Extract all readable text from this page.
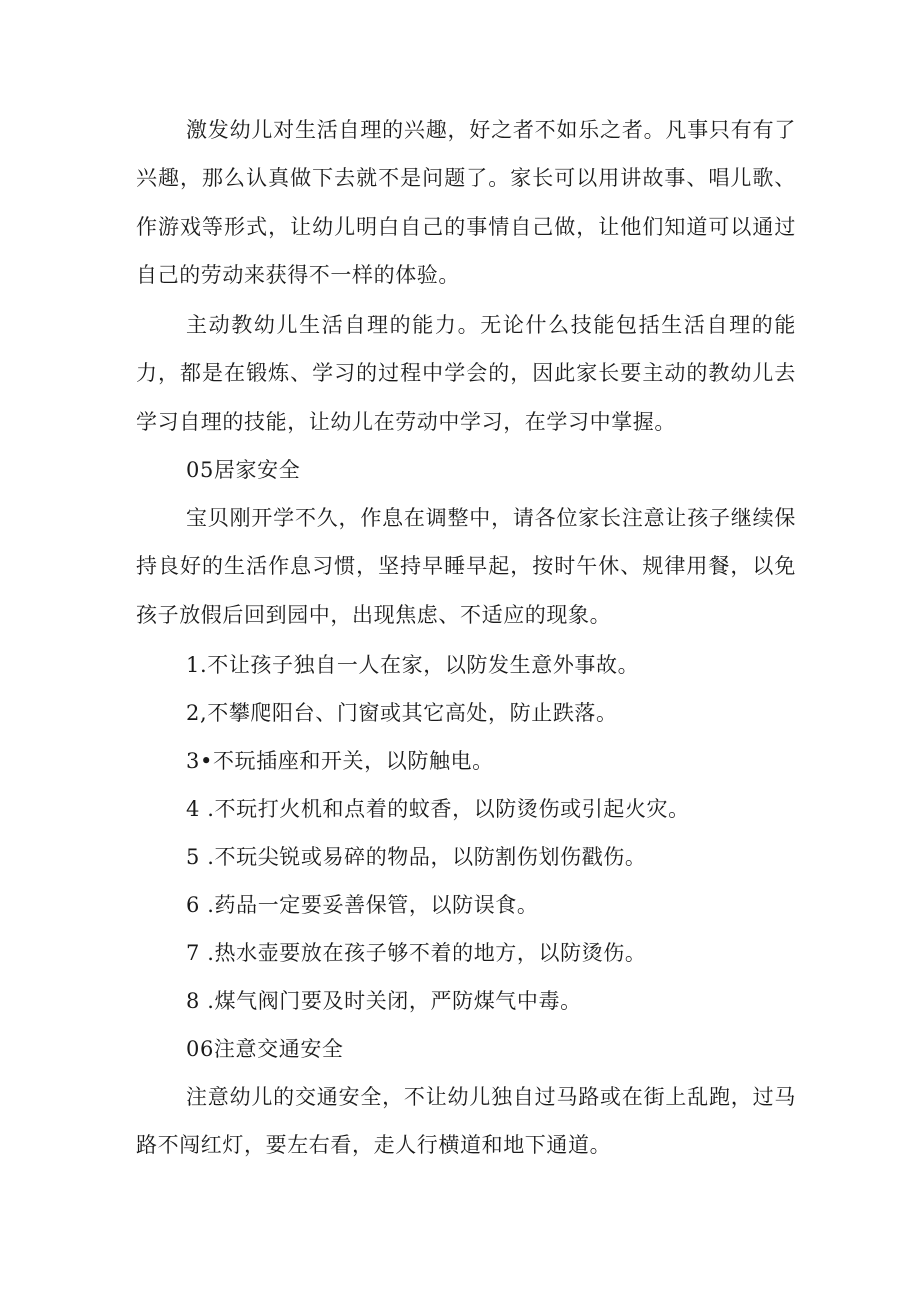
激发幼儿对生活自理的兴趣，好之者不如乐之者。凡事只有有了兴趣，那么认真做下去就不是问题了。家长可以用讲故事、唱儿歌、作游戏等形式，让幼儿明白自己的事情自己做，让他们知道可以通过自己的劳动来获得不一样的体验。

主动教幼儿生活自理的能力。无论什么技能包括生活自理的能力，都是在锻炼、学习的过程中学会的，因此家长要主动的教幼儿去学习自理的技能，让幼儿在劳动中学习，在学习中掌握。

05居家安全

宝贝刚开学不久，作息在调整中，请各位家长注意让孩子继续保持良好的生活作息习惯，坚持早睡早起，按时午休、规律用餐，以免孩子放假后回到园中，出现焦虑、不适应的现象。

1.不让孩子独自一人在家，以防发生意外事故。

2,不攀爬阳台、门窗或其它高处，防止跌落。

3•不玩插座和开关，以防触电。

4 .不玩打火机和点着的蚊香，以防烫伤或引起火灾。

5 .不玩尖锐或易碎的物品，以防割伤划伤戳伤。

6 .药品一定要妥善保管，以防误食。

7 .热水壶要放在孩子够不着的地方，以防烫伤。

8 .煤气阀门要及时关闭，严防煤气中毒。

06注意交通安全

注意幼儿的交通安全，不让幼儿独自过马路或在街上乱跑，过马路不闯红灯，要左右看，走人行横道和地下通道。
